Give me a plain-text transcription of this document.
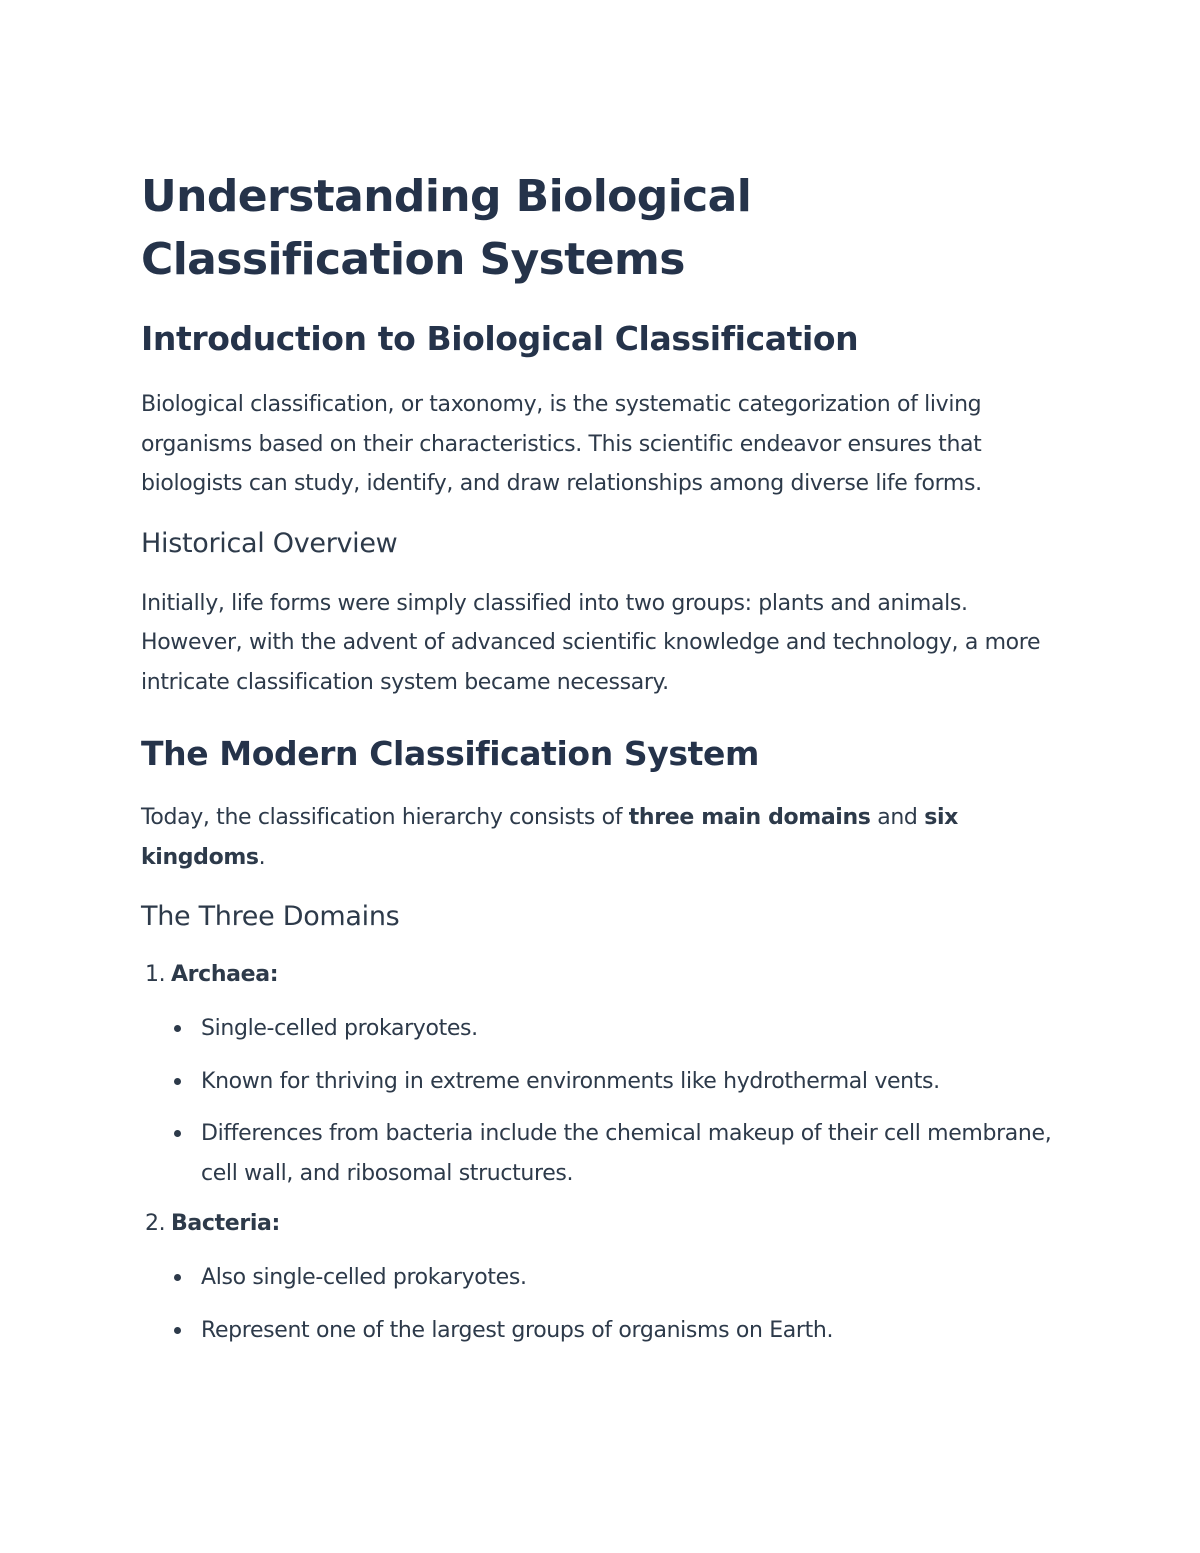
Understanding Biological Classification Systems
Introduction to Biological Classification

Biological classification, or taxonomy, is the systematic categorization of living organisms based on their characteristics. This scientific endeavor ensures that biologists can study, identify, and draw relationships among diverse life forms.

Historical Overview

Initially, life forms were simply classified into two groups: plants and animals. However, with the advent of advanced scientific knowledge and technology, a more intricate classification system became necessary.

The Modern Classification System

Today, the classification hierarchy consists of three main domains and six kingdoms.

The Three Domains
1. Archaea:
Single-celled prokaryotes.
Known for thriving in extreme environments like hydrothermal vents.
Differences from bacteria include the chemical makeup of their cell membrane, cell wall, and ribosomal structures.
2. Bacteria:
Also single-celled prokaryotes.
Represent one of the largest groups of organisms on Earth.
